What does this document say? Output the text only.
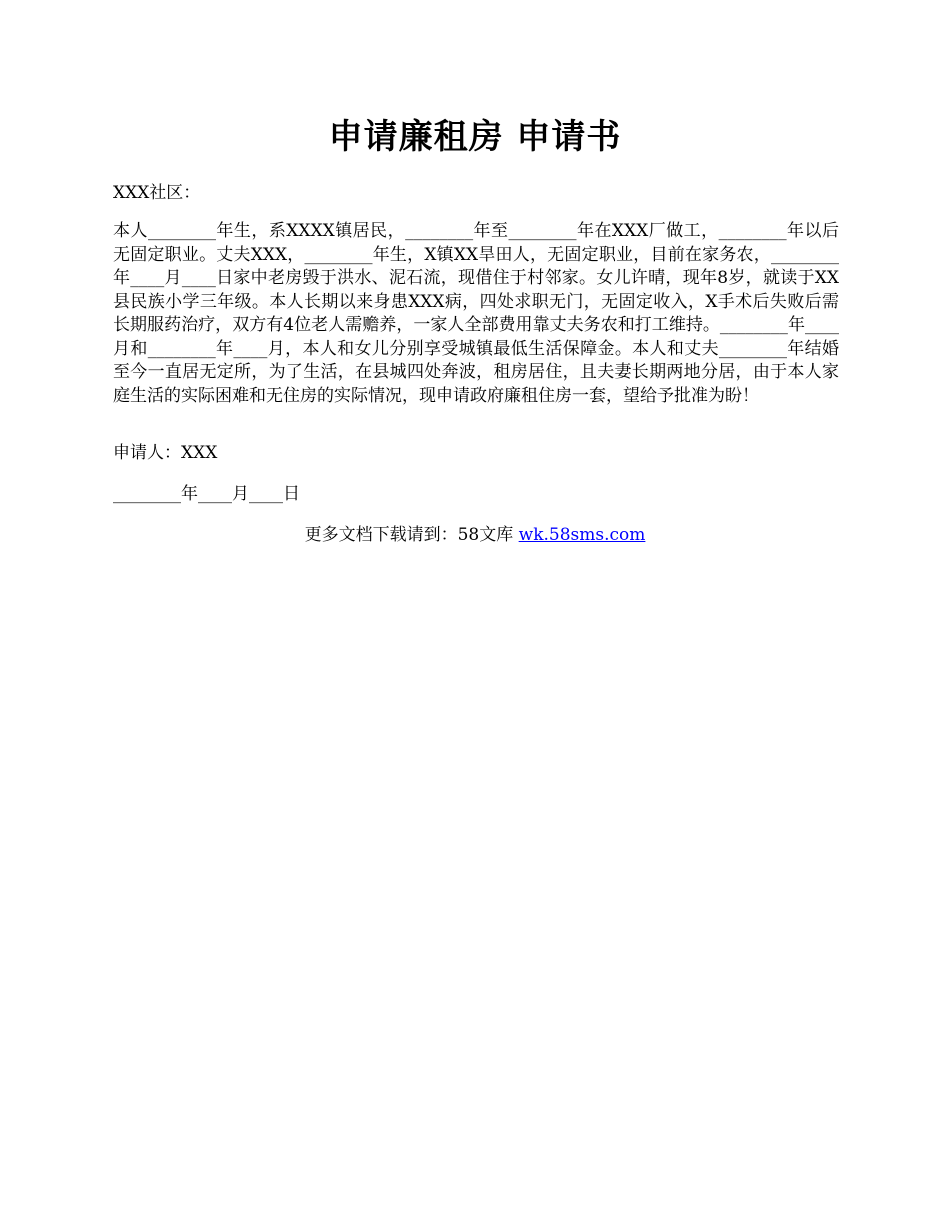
申请廉租房 申请书
XXX社区：
本人________年生，系XXXX镇居民，________年至________年在XXX厂做工，________年以后无固定职业。丈夫XXX，________年生，X镇XX旱田人，无固定职业，目前在家务农，________年____月____日家中老房毁于洪水、泥石流，现借住于村邻家。女儿许晴，现年8岁，就读于XX县民族小学三年级。本人长期以来身患XXX病，四处求职无门，无固定收入，X手术后失败后需长期服药治疗，双方有4位老人需赡养，一家人全部费用靠丈夫务农和打工维持。________年____月和________年____月，本人和女儿分别享受城镇最低生活保障金。本人和丈夫________年结婚至今一直居无定所，为了生活，在县城四处奔波，租房居住，且夫妻长期两地分居，由于本人家庭生活的实际困难和无住房的实际情况，现申请政府廉租住房一套，望给予批准为盼！
申请人：XXX
________年____月____日
更多文档下载请到：58文库 wk.58sms.com
